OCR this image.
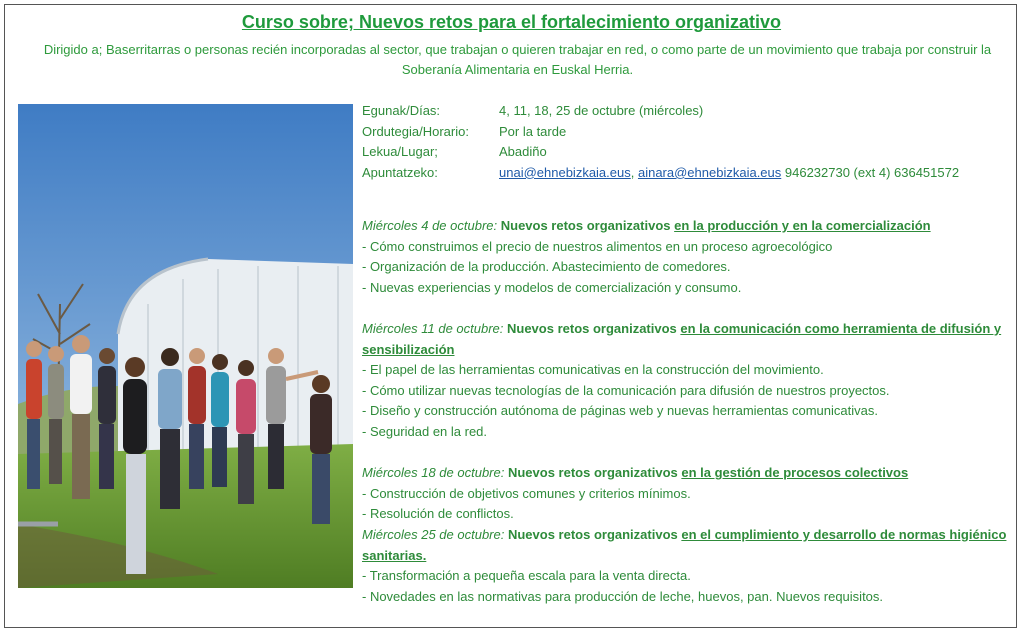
Curso sobre; Nuevos retos para el fortalecimiento organizativo
Dirigido a; Baserritarras o personas recién incorporadas al sector, que trabajan o quieren trabajar en red, o como parte de un movimiento que trabaja por construir la Soberanía Alimentaria en Euskal Herria.
Egunak/Días:	4, 11, 18, 25 de octubre (miércoles)
Ordutegia/Horario:	Por la tarde
Lekua/Lugar;	Abadiño
Apuntatzeko:	unai@ehnebizkaia.eus, ainara@ehnebizkaia.eus 946232730 (ext 4) 636451572
Miércoles 4 de octubre: Nuevos retos organizativos en la producción y en la comercialización
- Cómo construimos el precio de nuestros alimentos en un proceso agroecológico
- Organización de la producción. Abastecimiento de comedores.
- Nuevas experiencias y modelos de comercialización y consumo.
Miércoles 11 de octubre: Nuevos retos organizativos en la comunicación como herramienta de difusión y sensibilización
- El papel de las herramientas comunicativas en la construcción del movimiento.
- Cómo utilizar nuevas tecnologías de la comunicación para difusión de nuestros proyectos.
- Diseño y construcción autónoma de páginas web y nuevas herramientas comunicativas.
- Seguridad en la red.
Miércoles 18 de octubre: Nuevos retos organizativos en la gestión de procesos colectivos
- Construcción de objetivos comunes y criterios mínimos.
- Resolución de conflictos.
Miércoles 25 de octubre: Nuevos retos organizativos en el cumplimiento y desarrollo de normas higiénico sanitarias.
- Transformación a pequeña escala para la venta directa.
- Novedades en las normativas para producción de leche, huevos, pan. Nuevos requisitos.
